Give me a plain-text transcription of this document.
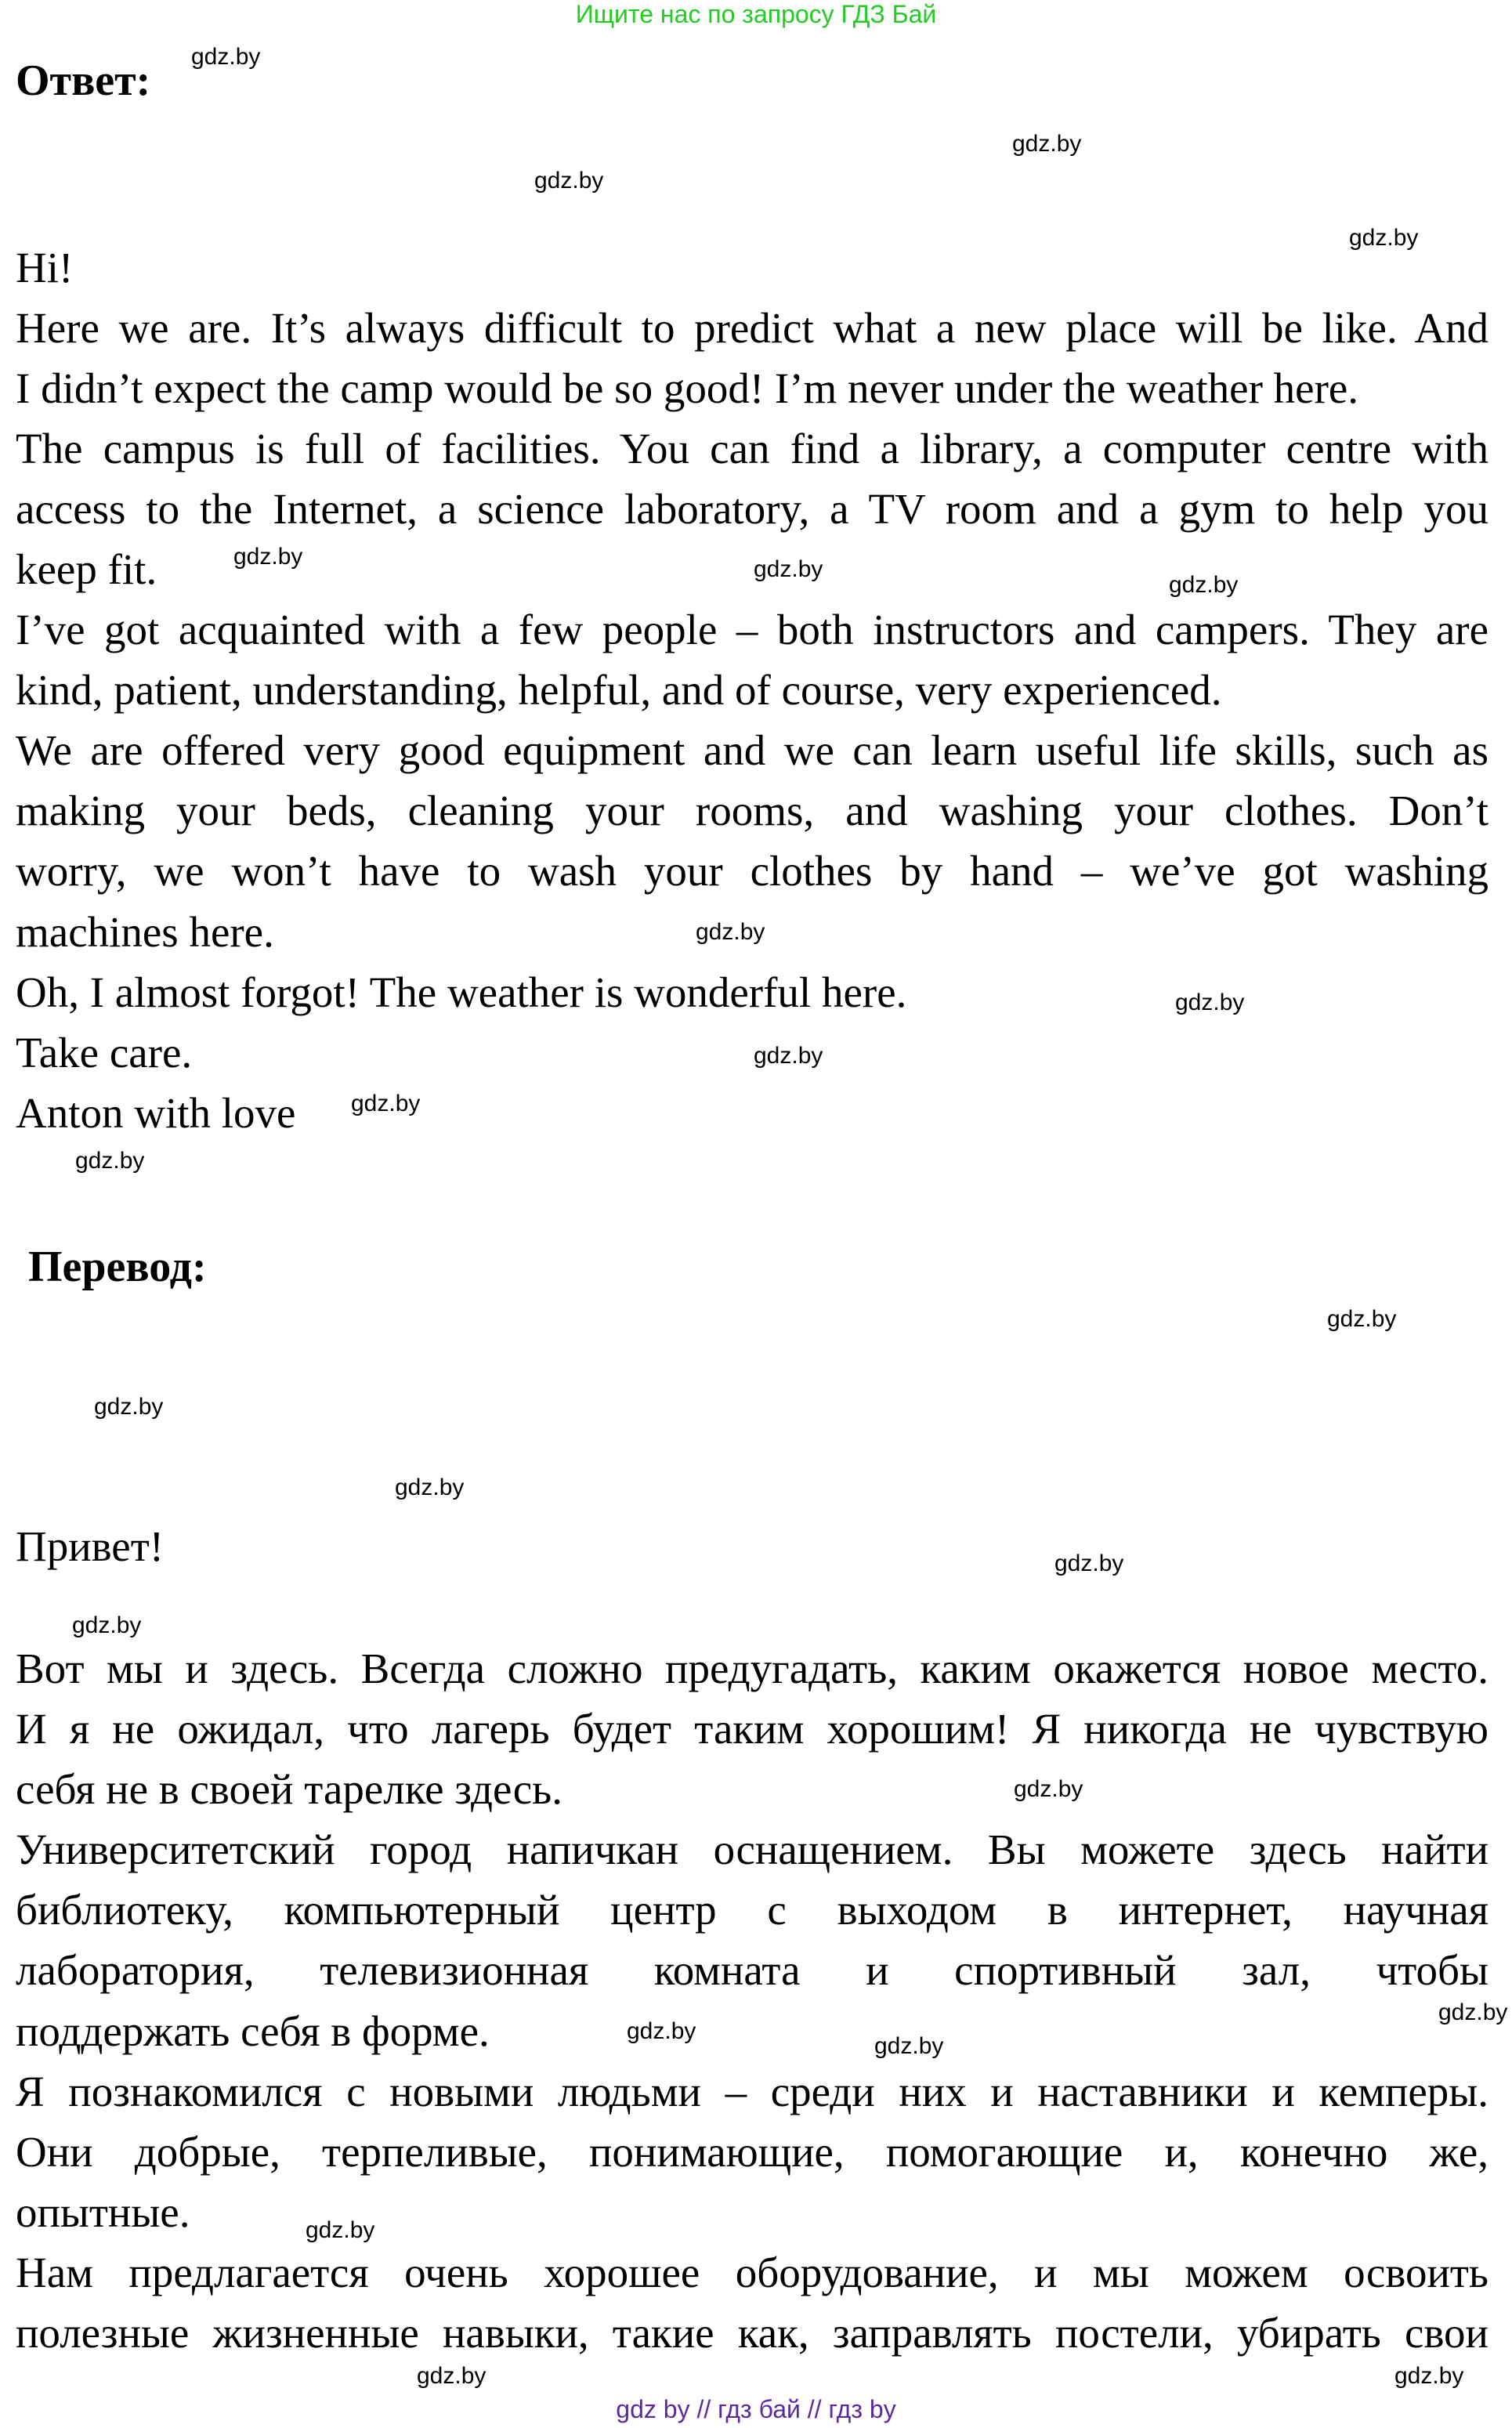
Ищите нас по запросу ГДЗ Бай
Ответ:
Hi!
Here we are. It’s always difficult to predict what a new place will be like. And
I didn’t expect the camp would be so good! I’m never under the weather here.
The campus is full of facilities. You can find a library, a computer centre with
access to the Internet, a science laboratory, a TV room and a gym to help you
keep fit.
I’ve got acquainted with a few people – both instructors and campers. They are
kind, patient, understanding, helpful, and of course, very experienced.
We are offered very good equipment and we can learn useful life skills, such as
making your beds, cleaning your rooms, and washing your clothes. Don’t
worry, we won’t have to wash your clothes by hand – we’ve got washing
machines here.
Oh, I almost forgot! The weather is wonderful here.
Take care.
Anton with love
Перевод:
Привет!
Вот мы и здесь. Всегда сложно предугадать, каким окажется новое место.
И я не ожидал, что лагерь будет таким хорошим! Я никогда не чувствую
себя не в своей тарелке здесь.
Университетский город напичкан оснащением. Вы можете здесь найти
библиотеку, компьютерный центр с выходом в интернет, научная
лаборатория, телевизионная комната и спортивный зал, чтобы
поддержать себя в форме.
Я познакомился с новыми людьми – среди них и наставники и кемперы.
Они добрые, терпеливые, понимающие, помогающие и, конечно же,
опытные.
Нам предлагается очень хорошее оборудование, и мы можем освоить
полезные жизненные навыки, такие как, заправлять постели, убирать свои
gdz.by
gdz.by
gdz.by
gdz.by
gdz.by
gdz.by
gdz.by
gdz.by
gdz.by
gdz.by
gdz.by
gdz.by
gdz.by
gdz.by
gdz.by
gdz.by
gdz.by
gdz.by
gdz.by
gdz.by
gdz.by
gdz.by
gdz.by
gdz.by
gdz by // гдз бай // гдз by
